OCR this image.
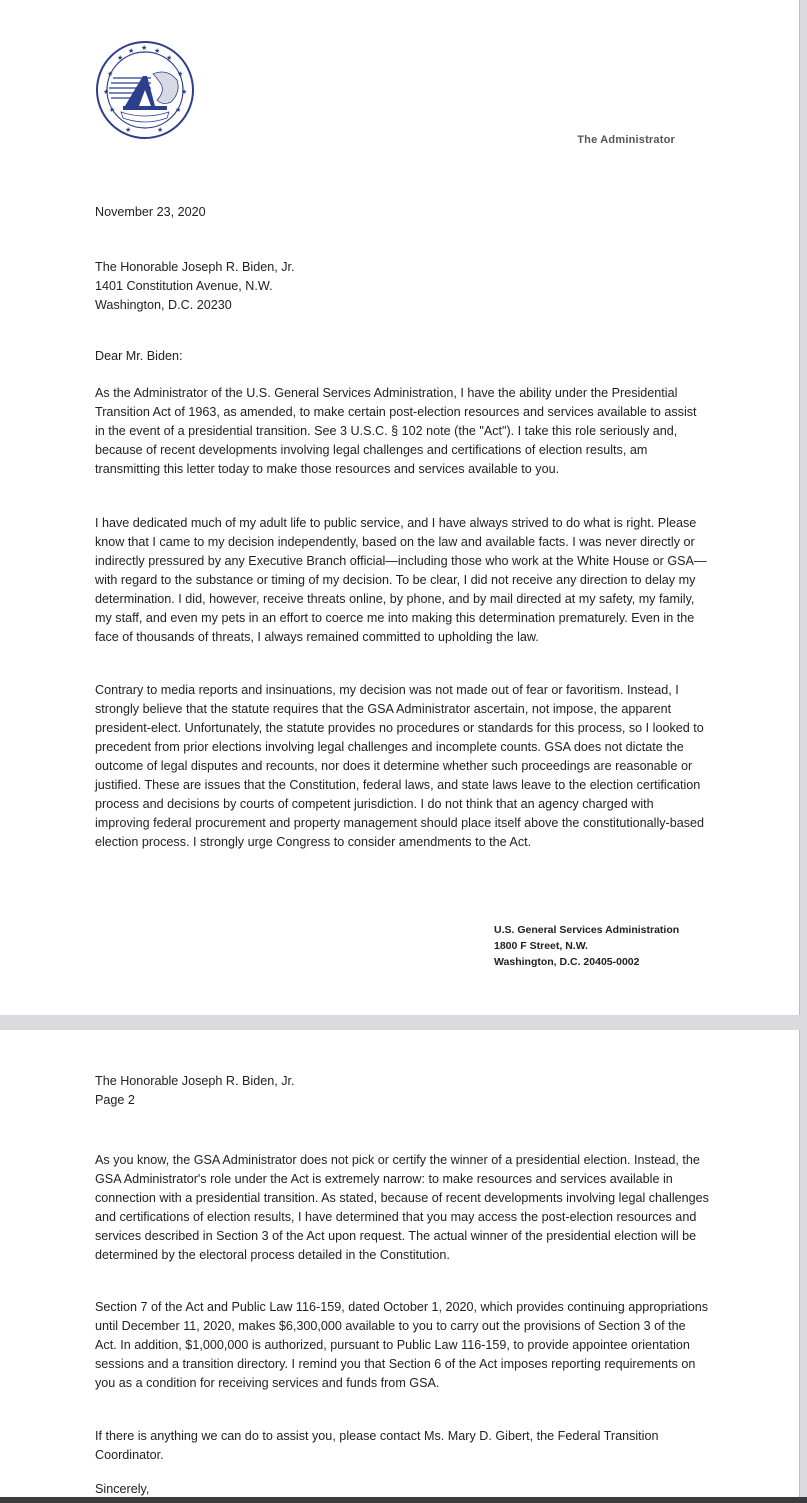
★ ★ ★
★	★
★	★
★	★
★	★
★	★
The Administrator
November 23, 2020

The Honorable Joseph R. Biden, Jr.

1401 Constitution Avenue, N.W.

Washington, D.C. 20230

Dear Mr. Biden:
As the Administrator of the U.S. General Services Administration, I have the ability under the Presidential Transition Act of 1963, as amended, to make certain post-election resources and services available to assist in the event of a presidential transition. See 3 U.S.C. § 102 note (the "Act"). I take this role seriously and, because of recent developments involving legal challenges and certifications of election results, am transmitting this letter today to make those resources and services available to you.
I have dedicated much of my adult life to public service, and I have always strived to do what is right. Please know that I came to my decision independently, based on the law and available facts. I was never directly or indirectly pressured by any Executive Branch official—including those who work at the White House or GSA—with regard to the substance or timing of my decision. To be clear, I did not receive any direction to delay my determination. I did, however, receive threats online, by phone, and by mail directed at my safety, my family, my staff, and even my pets in an effort to coerce me into making this determination prematurely. Even in the face of thousands of threats, I always remained committed to upholding the law.
Contrary to media reports and insinuations, my decision was not made out of fear or favoritism. Instead, I strongly believe that the statute requires that the GSA Administrator ascertain, not impose, the apparent president-elect. Unfortunately, the statute provides no procedures or standards for this process, so I looked to precedent from prior elections involving legal challenges and incomplete counts. GSA does not dictate the outcome of legal disputes and recounts, nor does it determine whether such proceedings are reasonable or justified. These are issues that the Constitution, federal laws, and state laws leave to the election certification process and decisions by courts of competent jurisdiction. I do not think that an agency charged with improving federal procurement and property management should place itself above the constitutionally-based election process. I strongly urge Congress to consider amendments to the Act.

U.S. General Services Administration

1800 F Street, N.W.

Washington, D.C. 20405-0002

The Honorable Joseph R. Biden, Jr.

Page 2

As you know, the GSA Administrator does not pick or certify the winner of a presidential election. Instead, the GSA Administrator's role under the Act is extremely narrow: to make resources and services available in connection with a presidential transition. As stated, because of recent developments involving legal challenges and certifications of election results, I have determined that you may access the post-election resources and services described in Section 3 of the Act upon request. The actual winner of the presidential election will be determined by the electoral process detailed in the Constitution.
Section 7 of the Act and Public Law 116-159, dated October 1, 2020, which provides continuing appropriations until December 11, 2020, makes $6,300,000 available to you to carry out the provisions of Section 3 of the Act. In addition, $1,000,000 is authorized, pursuant to Public Law 116-159, to provide appointee orientation sessions and a transition directory. I remind you that Section 6 of the Act imposes reporting requirements on you as a condition for receiving services and funds from GSA.
If there is anything we can do to assist you, please contact Ms. Mary D. Gibert, the Federal Transition Coordinator.
Sincerely,
